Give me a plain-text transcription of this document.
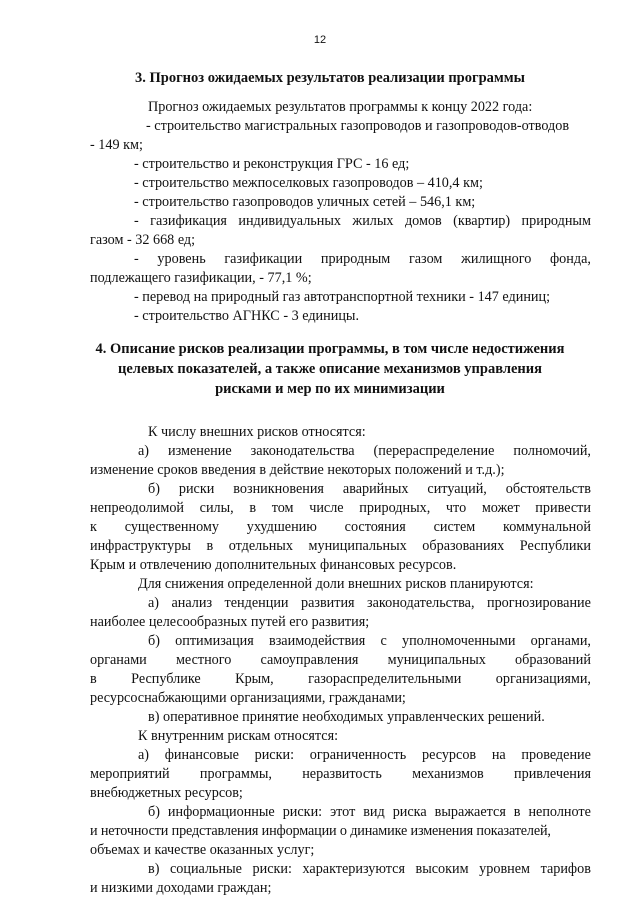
12
3. Прогноз ожидаемых результатов реализации программы
Прогноз ожидаемых результатов программы к концу 2022 года:
- строительство магистральных газопроводов и газопроводов-отводов
- 149 км;
- строительство и реконструкция ГРС - 16 ед;
- строительство межпоселковых газопроводов – 410,4 км;
- строительство газопроводов уличных сетей – 546,1 км;
- газификация индивидуальных жилых домов (квартир) природным
газом - 32 668 ед;
- уровень газификации природным газом жилищного фонда,
подлежащего газификации, - 77,1 %;
- перевод на природный газ автотранспортной техники - 147 единиц;
- строительство АГНКС - 3 единицы.
4. Описание рисков реализации программы, в том числе недостижения
целевых показателей, а также описание механизмов управления
рисками и мер по их минимизации
К числу внешних рисков относятся:
а) изменение законодательства (перераспределение полномочий,
изменение сроков введения в действие некоторых положений и т.д.);
б) риски возникновения аварийных ситуаций, обстоятельств
непреодолимой силы, в том числе природных, что может привести
к существенному ухудшению состояния систем коммунальной
инфраструктуры в отдельных муниципальных образованиях Республики
Крым и отвлечению дополнительных финансовых ресурсов.
Для снижения определенной доли внешних рисков планируются:
а) анализ тенденции развития законодательства, прогнозирование
наиболее целесообразных путей его развития;
б) оптимизация взаимодействия с уполномоченными органами,
органами местного самоуправления муниципальных образований
в Республике Крым, газораспределительными организациями,
ресурсоснабжающими организациями, гражданами;
в) оперативное принятие необходимых управленческих решений.
К внутренним рискам относятся:
а) финансовые риски: ограниченность ресурсов на проведение
мероприятий программы, неразвитость механизмов привлечения
внебюджетных ресурсов;
б) информационные риски: этот вид риска выражается в неполноте
и неточности представления информации о динамике изменения показателей,
объемах и качестве оказанных услуг;
в) социальные риски: характеризуются высоким уровнем тарифов
и низкими доходами граждан;
